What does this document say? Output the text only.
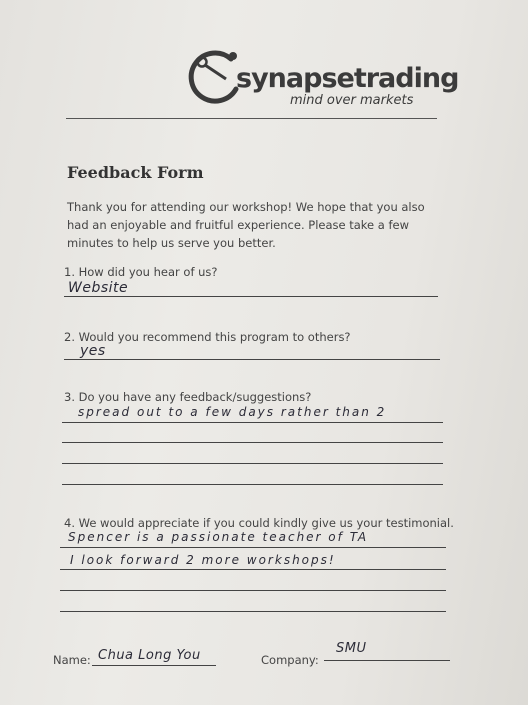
synapsetrading
mind over markets
Feedback Form
Thank you for attending our workshop! We hope that you also had an enjoyable and fruitful experience. Please take a few minutes to help us serve you better.
1. How did you hear of us?
Website
2. Would you recommend this program to others?
yes
3. Do you have any feedback/suggestions?
spread out to a few days rather than 2
4. We would appreciate if you could kindly give us your testimonial.
Spencer is a passionate teacher of TA
I look forward 2 more workshops!
Name: Chua Long You	Company:
SMU
